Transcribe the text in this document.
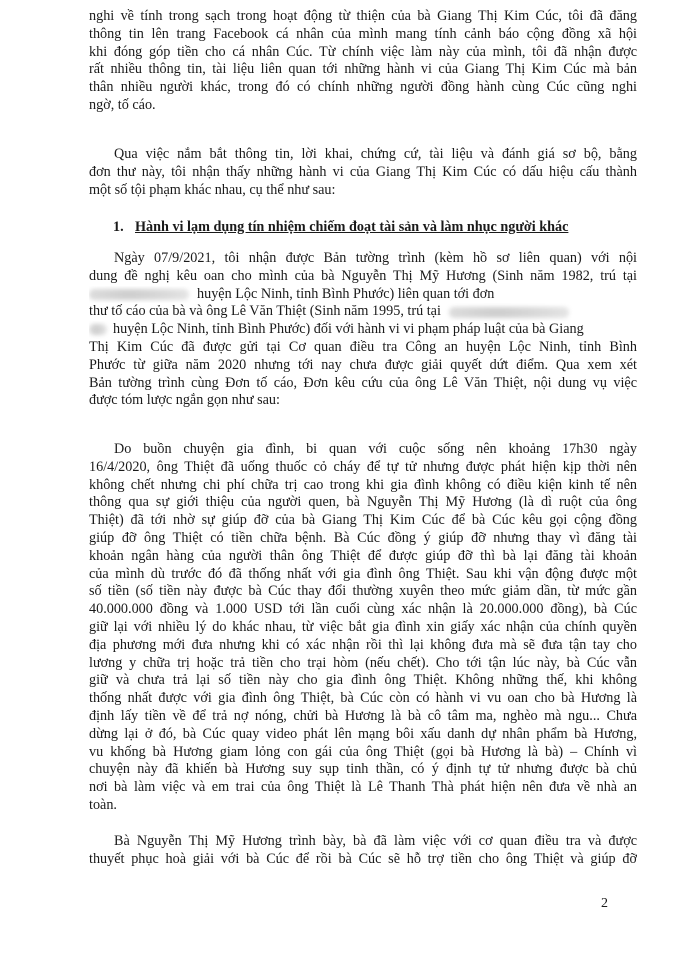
nghi về tính trong sạch trong hoạt động từ thiện của bà Giang Thị Kim Cúc, tôi đã đăng
thông tin lên trang Facebook cá nhân của mình mang tính cảnh báo cộng đồng xã hội
khi đóng góp tiền cho cá nhân Cúc. Từ chính việc làm này của mình, tôi đã nhận được
rất nhiều thông tin, tài liệu liên quan tới những hành vi của Giang Thị Kim Cúc mà bản
thân nhiều người khác, trong đó có chính những người đồng hành cùng Cúc cũng nghi
ngờ, tố cáo.
Qua việc nắm bắt thông tin, lời khai, chứng cứ, tài liệu và đánh giá sơ bộ, bằng
đơn thư này, tôi nhận thấy những hành vi của Giang Thị Kim Cúc có dấu hiệu cấu thành
một số tội phạm khác nhau, cụ thể như sau:
1. Hành vi lạm dụng tín nhiệm chiếm đoạt tài sản và làm nhục người khác
Ngày 07/9/2021, tôi nhận được Bản tường trình (kèm hồ sơ liên quan) với nội
dung đề nghị kêu oan cho mình của bà Nguyễn Thị Mỹ Hương (Sinh năm 1982, trú tại
huyện Lộc Ninh, tỉnh Bình Phước) liên quan tới đơn
thư tố cáo của bà và ông Lê Văn Thiệt (Sinh năm 1995, trú tại
huyện Lộc Ninh, tỉnh Bình Phước) đối với hành vi vi phạm pháp luật của bà Giang
Thị Kim Cúc đã được gửi tại Cơ quan điều tra Công an huyện Lộc Ninh, tỉnh Bình
Phước từ giữa năm 2020 nhưng tới nay chưa được giải quyết dứt điểm. Qua xem xét
Bản tường trình cùng Đơn tố cáo, Đơn kêu cứu của ông Lê Văn Thiệt, nội dung vụ việc
được tóm lược ngắn gọn như sau:
Do buồn chuyện gia đình, bi quan với cuộc sống nên khoảng 17h30 ngày
16/4/2020, ông Thiệt đã uống thuốc cỏ cháy để tự tử nhưng được phát hiện kịp thời nên
không chết nhưng chi phí chữa trị cao trong khi gia đình không có điều kiện kinh tế nên
thông qua sự giới thiệu của người quen, bà Nguyễn Thị Mỹ Hương (là dì ruột của ông
Thiệt) đã tới nhờ sự giúp đỡ của bà Giang Thị Kim Cúc để bà Cúc kêu gọi cộng đồng
giúp đỡ ông Thiệt có tiền chữa bệnh. Bà Cúc đồng ý giúp đỡ nhưng thay vì đăng tài
khoản ngân hàng của người thân ông Thiệt để được giúp đỡ thì bà lại đăng tài khoản
của mình dù trước đó đã thống nhất với gia đình ông Thiệt. Sau khi vận động được một
số tiền (số tiền này được bà Cúc thay đổi thường xuyên theo mức giảm dần, từ mức gần
40.000.000 đồng và 1.000 USD tới lần cuối cùng xác nhận là 20.000.000 đồng), bà Cúc
giữ lại với nhiều lý do khác nhau, từ việc bắt gia đình xin giấy xác nhận của chính quyền
địa phương mới đưa nhưng khi có xác nhận rồi thì lại không đưa mà sẽ đưa tận tay cho
lương y chữa trị hoặc trả tiền cho trại hòm (nếu chết). Cho tới tận lúc này, bà Cúc vẫn
giữ và chưa trả lại số tiền này cho gia đình ông Thiệt. Không những thế, khi không
thống nhất được với gia đình ông Thiệt, bà Cúc còn có hành vi vu oan cho bà Hương là
định lấy tiền về để trả nợ nóng, chửi bà Hương là bà cô tâm ma, nghèo mà ngu... Chưa
dừng lại ở đó, bà Cúc quay video phát lên mạng bôi xấu danh dự nhân phẩm bà Hương,
vu khống bà Hương giam lỏng con gái của ông Thiệt (gọi bà Hương là bà) – Chính vì
chuyện này đã khiến bà Hương suy sụp tinh thần, có ý định tự tử nhưng được bà chủ
nơi bà làm việc và em trai của ông Thiệt là Lê Thanh Thà phát hiện nên đưa về nhà an
toàn.
Bà Nguyễn Thị Mỹ Hương trình bày, bà đã làm việc với cơ quan điều tra và được
thuyết phục hoà giải với bà Cúc để rồi bà Cúc sẽ hỗ trợ tiền cho ông Thiệt và giúp đỡ
2
